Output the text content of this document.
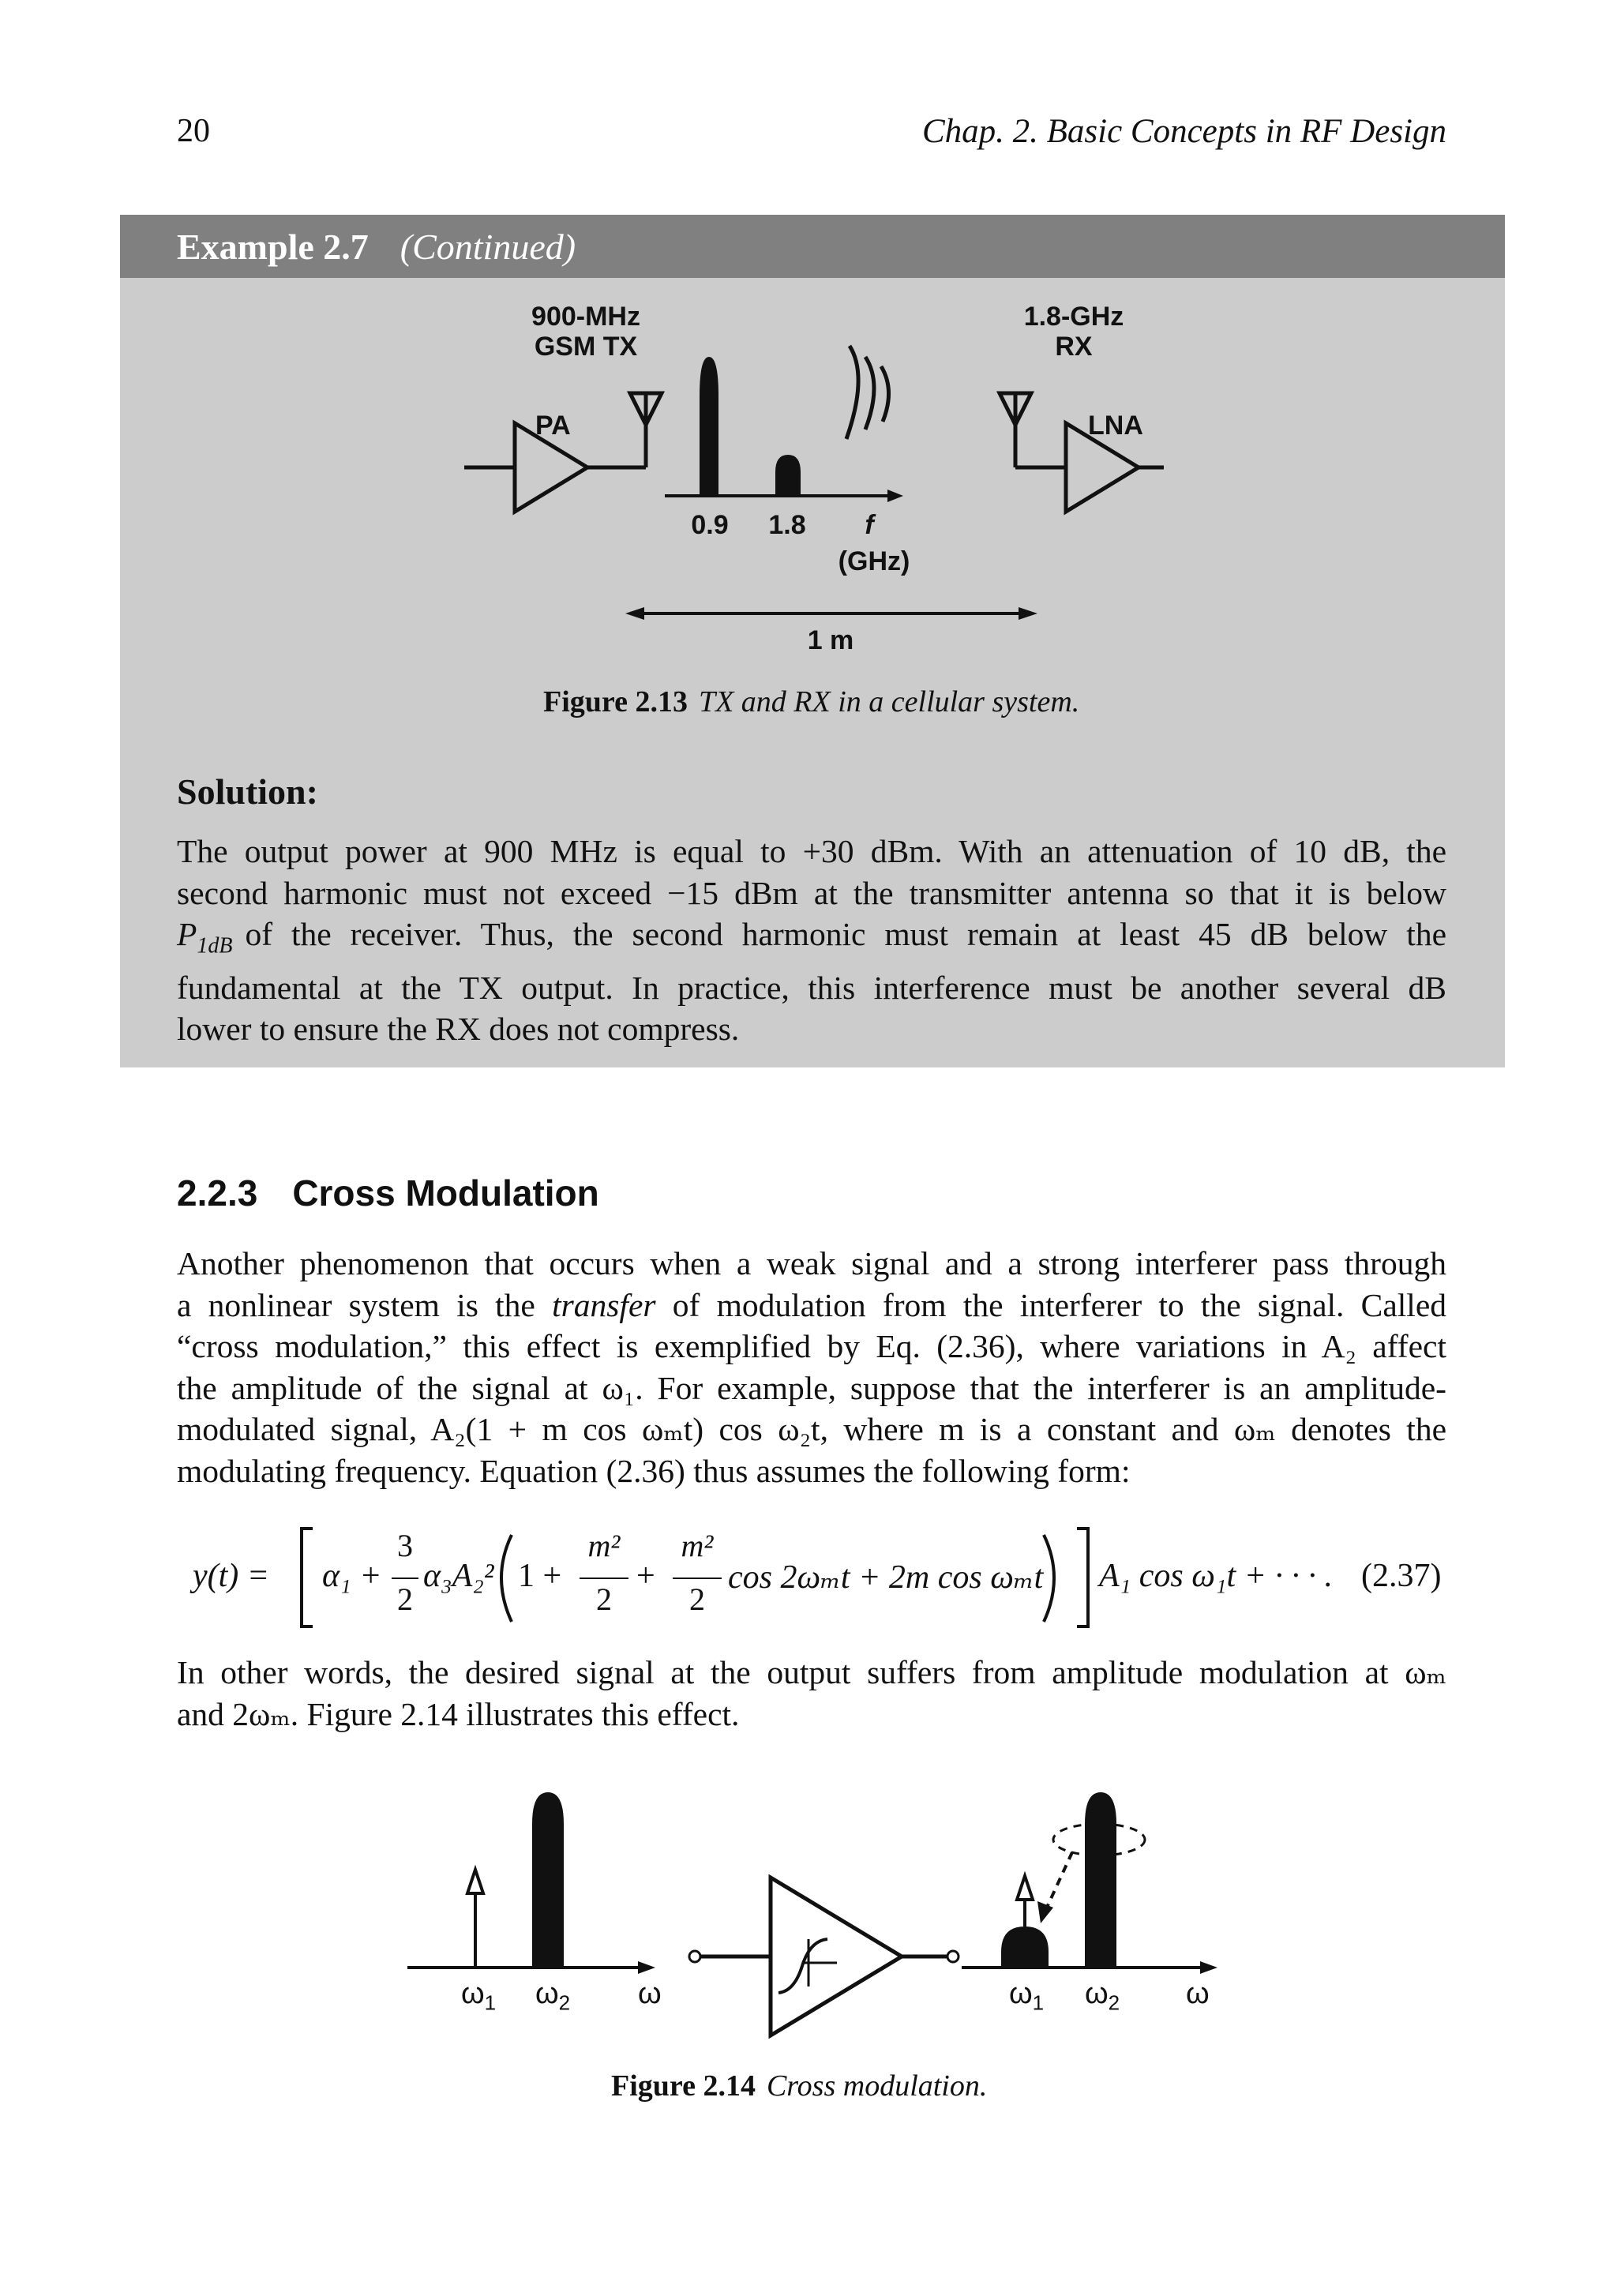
20	Chap. 2. Basic Concepts in RF Design
Example 2.7 (Continued)
900-MHz
GSM TX
1.8-GHz
RX
PA	LNA
0.9	1.8	f
(GHz)
1 m
Figure 2.13 TX and RX in a cellular system.
Solution:
The output power at 900 MHz is equal to +30 dBm. With an attenuation of 10 dB, the
second harmonic must not exceed −15 dBm at the transmitter antenna so that it is below
$P_{1dB}$ of the receiver. Thus, the second harmonic must remain at least 45 dB below the
fundamental at the TX output. In practice, this interference must be another several dB
lower to ensure the RX does not compress.
2.2.3 Cross Modulation
Another phenomenon that occurs when a weak signal and a strong interferer pass through
a nonlinear system is the transfer of modulation from the interferer to the signal. Called
“cross modulation,” this effect is exemplified by Eq. (2.36), where variations in A₂ affect
the amplitude of the signal at ω₁. For example, suppose that the interferer is an amplitude-
modulated signal, A₂(1 + m cos ωₘt) cos ω₂t, where m is a constant and ωₘ denotes the
modulating frequency. Equation (2.36) thus assumes the following form:
y(t) = α₁ +
3
2
α₃A₂² 1 +
m²
2
+
m²
2
cos 2ωₘt + 2m cos ωₘt A₁ cos ω₁t + · · · . (2.37)
In other words, the desired signal at the output suffers from amplitude modulation at ωₘ
and 2ωₘ. Figure 2.14 illustrates this effect.
$\omega_1$ $\omega_2$ ω	$\omega_1$ $\omega_2$ ω
Figure 2.14 Cross modulation.
